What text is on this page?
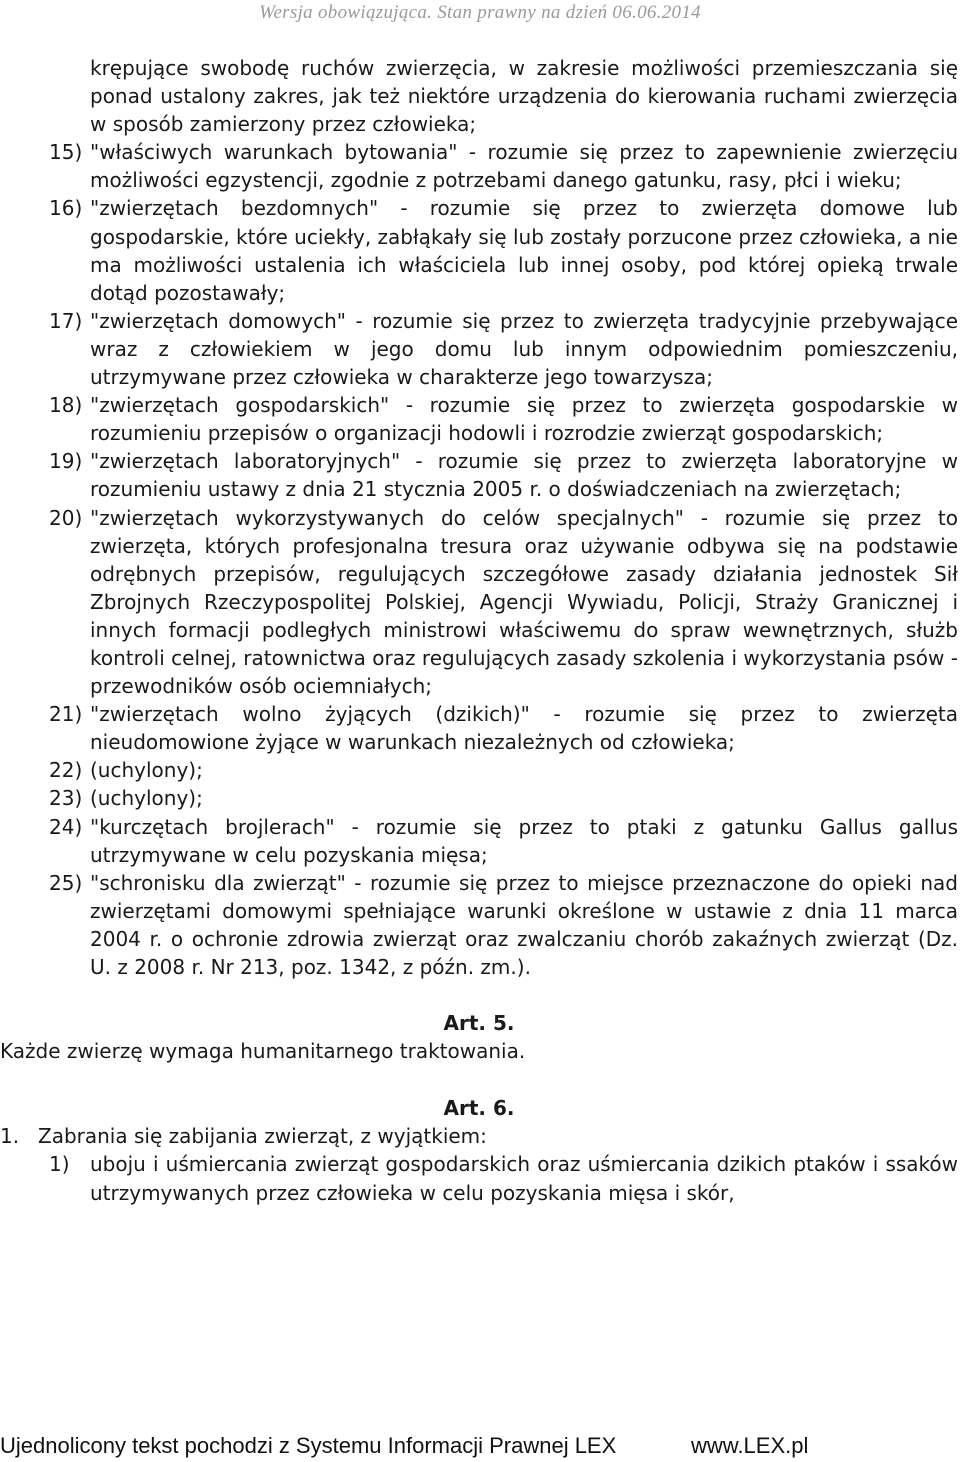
Wersja obowiązująca. Stan prawny na dzień 06.06.2014
krępujące swobodę ruchów zwierzęcia, w zakresie możliwości przemieszczania się ponad ustalony zakres, jak też niektóre urządzenia do kierowania ruchami zwierzęcia w sposób zamierzony przez człowieka;
15) "właściwych warunkach bytowania" - rozumie się przez to zapewnienie zwierzęciu możliwości egzystencji, zgodnie z potrzebami danego gatunku, rasy, płci i wieku;
16) "zwierzętach bezdomnych" - rozumie się przez to zwierzęta domowe lub gospodarskie, które uciekły, zabłąkały się lub zostały porzucone przez człowieka, a nie ma możliwości ustalenia ich właściciela lub innej osoby, pod której opieką trwale dotąd pozostawały;
17) "zwierzętach domowych" - rozumie się przez to zwierzęta tradycyjnie przebywające wraz z człowiekiem w jego domu lub innym odpowiednim pomieszczeniu, utrzymywane przez człowieka w charakterze jego towarzysza;
18) "zwierzętach gospodarskich" - rozumie się przez to zwierzęta gospodarskie w rozumieniu przepisów o organizacji hodowli i rozrodzie zwierząt gospodarskich;
19) "zwierzętach laboratoryjnych" - rozumie się przez to zwierzęta laboratoryjne w rozumieniu ustawy z dnia 21 stycznia 2005 r. o doświadczeniach na zwierzętach;
20) "zwierzętach wykorzystywanych do celów specjalnych" - rozumie się przez to zwierzęta, których profesjonalna tresura oraz używanie odbywa się na podstawie odrębnych przepisów, regulujących szczegółowe zasady działania jednostek Sił Zbrojnych Rzeczypospolitej Polskiej, Agencji Wywiadu, Policji, Straży Granicznej i innych formacji podległych ministrowi właściwemu do spraw wewnętrznych, służb kontroli celnej, ratownictwa oraz regulujących zasady szkolenia i wykorzystania psów - przewodników osób ociemniałych;
21) "zwierzętach wolno żyjących (dzikich)" - rozumie się przez to zwierzęta nieudomowione żyjące w warunkach niezależnych od człowieka;
22) (uchylony);
23) (uchylony);
24) "kurczętach brojlerach" - rozumie się przez to ptaki z gatunku Gallus gallus utrzymywane w celu pozyskania mięsa;
25) "schronisku dla zwierząt" - rozumie się przez to miejsce przeznaczone do opieki nad zwierzętami domowymi spełniające warunki określone w ustawie z dnia 11 marca 2004 r. o ochronie zdrowia zwierząt oraz zwalczaniu chorób zakaźnych zwierząt (Dz. U. z 2008 r. Nr 213, poz. 1342, z późn. zm.).
Art. 5.
Każde zwierzę wymaga humanitarnego traktowania.
Art. 6.
1. Zabrania się zabijania zwierząt, z wyjątkiem:
1)	uboju i uśmiercania zwierząt gospodarskich oraz uśmiercania dzikich ptaków i ssaków utrzymywanych przez człowieka w celu pozyskania mięsa i skór,
Ujednolicony tekst pochodzi z Systemu Informacji Prawnej LEX	www.LEX.pl
